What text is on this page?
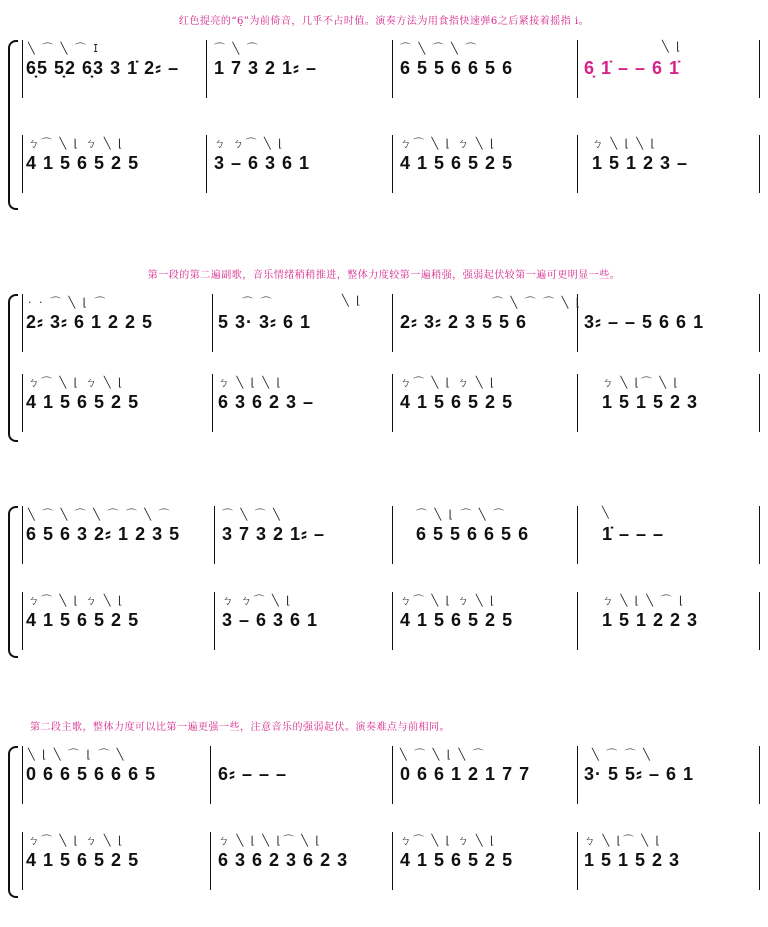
红色提亮的“6̣̣”为前倚音，几乎不占时值。演奏方法为用食指快速弹6之后紧接着摇指 i。
╲ ⌒ ╲ ⌒ 𐌆	⌒ ╲ ⌒	⌒ ╲ ⌒ ╲ ⌒	╲ ⌊
6̣5 5̣2 6̣3 3 1̇ 2⸗ – 1 7 3 2 1⸗ –	6 5 5 6 6 5 6	6̣ 1̇ – – 6 1̇
ㄅ⌒ ╲ ⌊ ㄅ ╲ ⌊	ㄅ ㄅ⌒ ╲ ⌊	ㄅ⌒ ╲ ⌊ ㄅ ╲ ⌊	ㄅ ╲ ⌊ ╲ ⌊
4 1 5 6 5 2 5	3 – 6 3 6 1	4 1 5 6 5 2 5	1 5 1 2 3 –
第一段的第二遍副歌，音乐情绪稍稍推进，整体力度较第一遍稍强，强弱起伏较第一遍可更明显一些。
· · ⌒ ╲ ⌊ ⌒	⌒ ⌒	╲ ⌊	⌒ ╲ ⌒ ⌒ ╲ ⌊
2⸗ 3⸗ 6 1 2 2 5	5 3· 3⸗ 6 1	2⸗ 3⸗ 2 3 5 5 6	3⸗ – – 5 6 6 1
ㄅ⌒ ╲ ⌊ ㄅ ╲ ⌊	ㄅ ╲ ⌊ ╲ ⌊	ㄅ⌒ ╲ ⌊ ㄅ ╲ ⌊	ㄅ ╲ ⌊⌒ ╲ ⌊
4 1 5 6 5 2 5	6 3 6 2 3 –	4 1 5 6 5 2 5	1 5 1 5 2 3
╲ ⌒ ╲ ⌒ ╲ ⌒ ⌒ ╲ ⌒	⌒ ╲ ⌒ ╲	⌒ ╲ ⌊ ⌒ ╲ ⌒	╲
6 5 6 3 2⸗ 1 2 3 5 3 7 3 2 1⸗ –	6 5 5 6 6 5 6	1̇ – – –
ㄅ⌒ ╲ ⌊ ㄅ ╲ ⌊	ㄅ ㄅ⌒ ╲ ⌊	ㄅ⌒ ╲ ⌊ ㄅ ╲ ⌊	ㄅ ╲ ⌊ ╲ ⌒ ⌊
4 1 5 6 5 2 5	3 – 6 3 6 1	4 1 5 6 5 2 5	1 5 1 2 2 3
第二段主歌，整体力度可以比第一遍更强一些，注意音乐的强弱起伏。演奏难点与前相同。
╲ ⌊ ╲ ⌒ ⌊ ⌒ ╲	╲ ⌒ ╲ ⌊ ╲ ⌒	╲ ⌒ ⌒ ╲
0 6 6 5 6 6 6 5	6⸗ – – –	0 6 6 1 2 1 7 7	3· 5 5⸗ – 6 1
ㄅ⌒ ╲ ⌊ ㄅ ╲ ⌊	ㄅ ╲ ⌊ ╲ ⌊⌒ ╲ ⌊	ㄅ⌒ ╲ ⌊ ㄅ ╲ ⌊	ㄅ ╲ ⌊⌒ ╲ ⌊
4 1 5 6 5 2 5	6 3 6 2 3 6 2 3	4 1 5 6 5 2 5	1 5 1 5 2 3
